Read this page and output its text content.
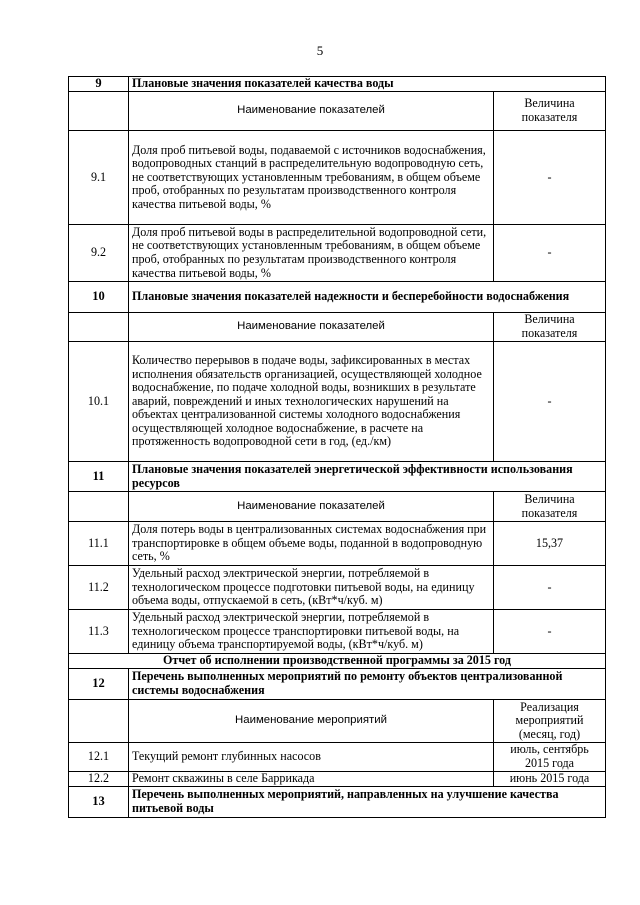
5
9	Плановые значения показателей качества воды	
	Наименование показателей	Величина показателя
9.1	Доля проб питьевой воды, подаваемой с источников водоснабжения, водопроводных станций в распределительную водопроводную сеть, не соответствующих установленным требованиям, в общем объеме проб, отобранных по результатам производственного контроля качества питьевой воды, %	-
9.2	Доля проб питьевой воды в распределительной водопроводной сети, не соответствующих установленным требованиям, в общем объеме проб, отобранных по результатам производственного контроля качества питьевой воды, %	-
10	Плановые значения показателей надежности и бесперебойности водоснабжения	
	Наименование показателей	Величина показателя
10.1	Количество перерывов в подаче воды, зафиксированных в местах исполнения обязательств организацией, осуществляющей холодное водоснабжение, по подаче холодной воды, возникших в результате аварий, повреждений и иных технологических нарушений на объектах централизованной системы холодного водоснабжения осуществляющей холодное водоснабжение, в расчете на протяженность водопроводной сети в год, (ед./км)	-
11	Плановые значения показателей энергетической эффективности использования ресурсов	
	Наименование показателей	Величина показателя
11.1	Доля потерь воды в централизованных системах водоснабжения при транспортировке в общем объеме воды, поданной в водопроводную сеть, %	15,37
11.2	Удельный расход электрической энергии, потребляемой в технологическом процессе подготовки питьевой воды, на единицу объема воды, отпускаемой в сеть, (кВт*ч/куб. м)	-
11.3	Удельный расход электрической энергии, потребляемой в технологическом процессе транспортировки питьевой воды, на единицу объема транспортируемой воды, (кВт*ч/куб. м)	-
Отчет об исполнении производственной программы за 2015 год		
12	Перечень выполненных мероприятий по ремонту объектов централизованной системы водоснабжения	
	Наименование мероприятий	Реализация мероприятий (месяц, год)
12.1	Текущий ремонт глубинных насосов	июль, сентябрь 2015 года
12.2	Ремонт скважины в селе Баррикада	июнь 2015 года
13	Перечень выполненных мероприятий, направленных на улучшение качества питьевой воды	
